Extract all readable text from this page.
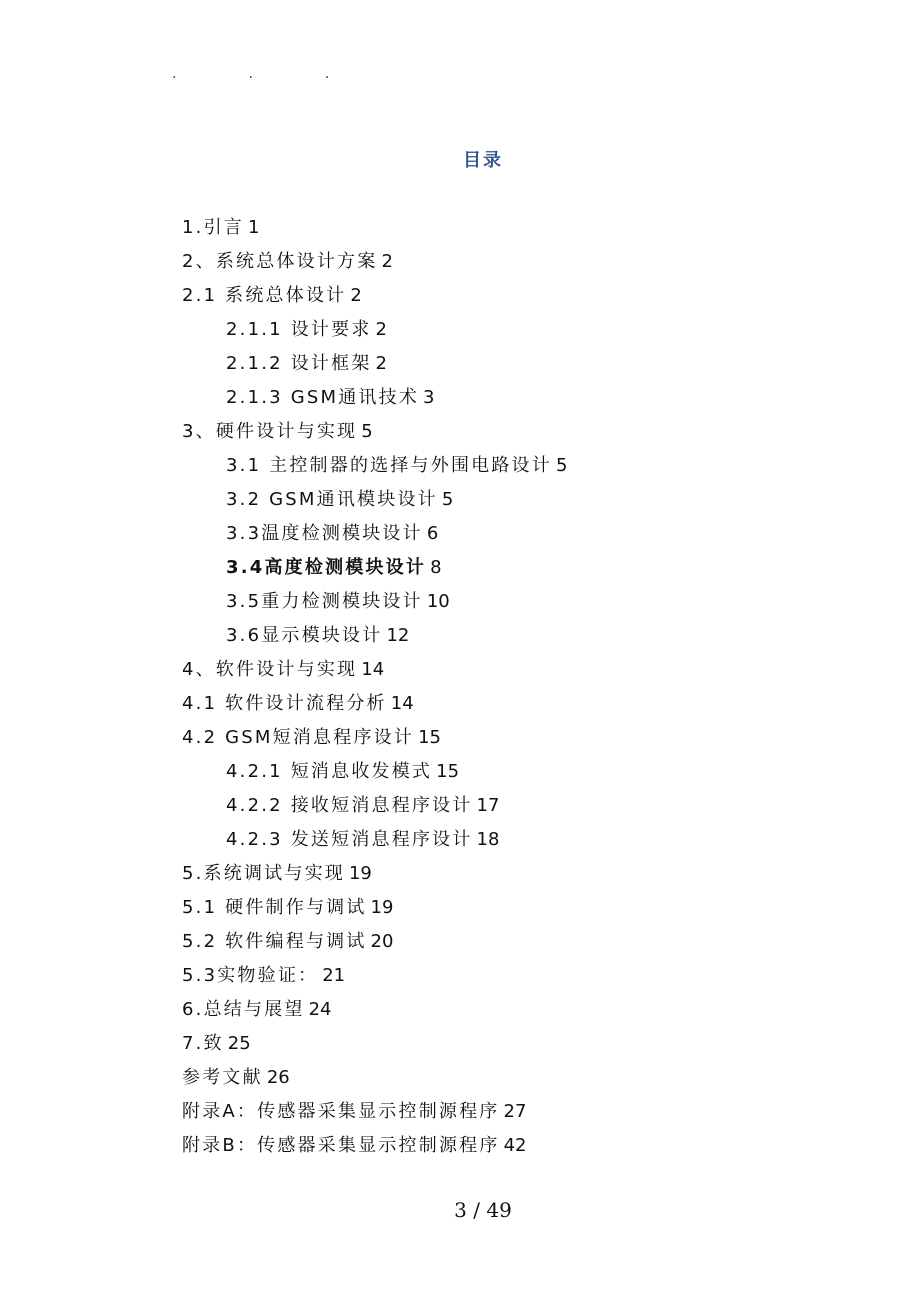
.	.	.
目录
1.引言 1
2、系统总体设计方案 2
2.1 系统总体设计 2
2.1.1 设计要求 2
2.1.2 设计框架 2
2.1.3 GSM通讯技术 3
3、硬件设计与实现 5
3.1 主控制器的选择与外围电路设计 5
3.2 GSM通讯模块设计 5
3.3温度检测模块设计 6
3.4高度检测模块设计 8
3.5重力检测模块设计 10
3.6显示模块设计 12
4、软件设计与实现 14
4.1 软件设计流程分析 14
4.2 GSM短消息程序设计 15
4.2.1 短消息收发模式 15
4.2.2 接收短消息程序设计 17
4.2.3 发送短消息程序设计 18
5.系统调试与实现 19
5.1 硬件制作与调试 19
5.2 软件编程与调试 20
5.3实物验证： 21
6.总结与展望 24
7.致 25
参考文献 26
附录A：传感器采集显示控制源程序 27
附录B：传感器采集显示控制源程序 42
3 / 49
